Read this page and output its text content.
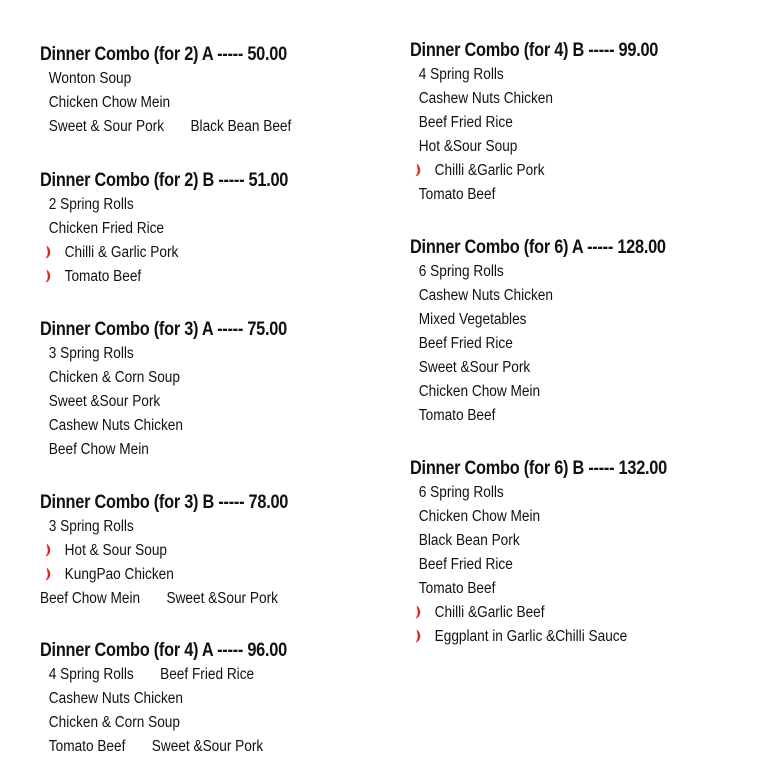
Dinner Combo (for 2) A ----- 50.00
Wonton Soup
Chicken Chow Mein
Sweet & Sour Pork Black Bean Beef
Dinner Combo (for 2) B ----- 51.00
2 Spring Rolls
Chicken Fried Rice
Chilli & Garlic Pork
Tomato Beef
Dinner Combo (for 3) A ----- 75.00
3 Spring Rolls
Chicken & Corn Soup
Sweet &Sour Pork
Cashew Nuts Chicken
Beef Chow Mein
Dinner Combo (for 3) B ----- 78.00
3 Spring Rolls
Hot & Sour Soup
KungPao Chicken
Beef Chow Mein Sweet &Sour Pork
Dinner Combo (for 4) A ----- 96.00
4 Spring Rolls Beef Fried Rice
Cashew Nuts Chicken
Chicken & Corn Soup
Tomato Beef Sweet &Sour Pork
Dinner Combo (for 4) B ----- 99.00
4 Spring Rolls
Cashew Nuts Chicken
Beef Fried Rice
Hot &Sour Soup
Chilli &Garlic Pork
Tomato Beef
Dinner Combo (for 6) A ----- 128.00
6 Spring Rolls
Cashew Nuts Chicken
Mixed Vegetables
Beef Fried Rice
Sweet &Sour Pork
Chicken Chow Mein
Tomato Beef
Dinner Combo (for 6) B ----- 132.00
6 Spring Rolls
Chicken Chow Mein
Black Bean Pork
Beef Fried Rice
Tomato Beef
Chilli &Garlic Beef
Eggplant in Garlic &Chilli Sauce
